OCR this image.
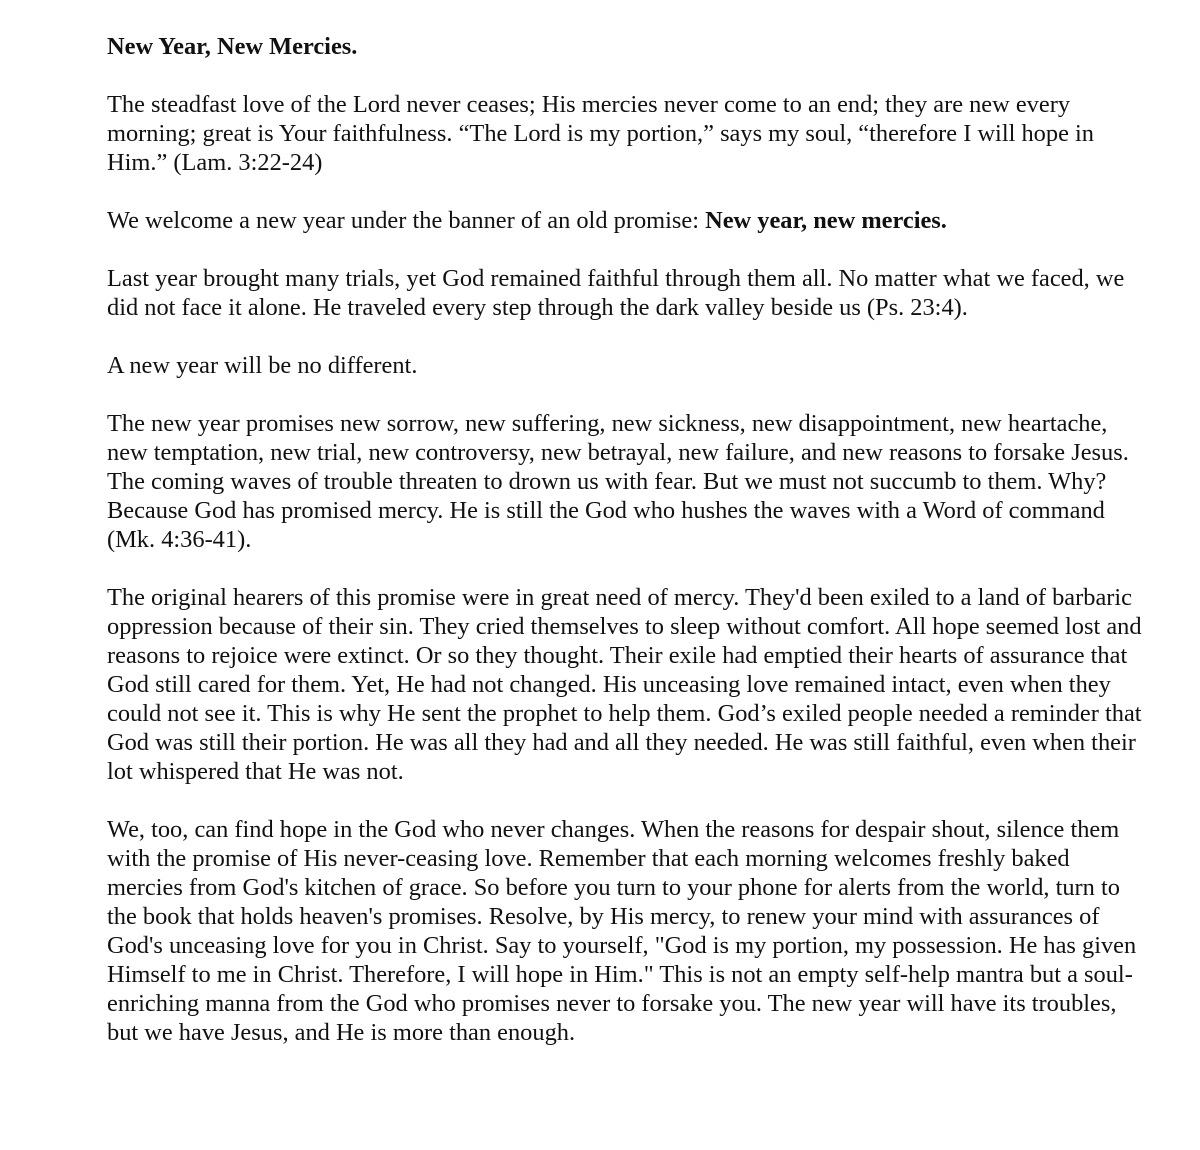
New Year, New Mercies.
The steadfast love of the Lord never ceases; His mercies never come to an end; they are new every morning; great is Your faithfulness. “The Lord is my portion,” says my soul, “therefore I will hope in Him.” (Lam. 3:22-24)
We welcome a new year under the banner of an old promise: New year, new mercies.
Last year brought many trials, yet God remained faithful through them all. No matter what we faced, we did not face it alone. He traveled every step through the dark valley beside us (Ps. 23:4).
A new year will be no different.
The new year promises new sorrow, new suffering, new sickness, new disappointment, new heartache, new temptation, new trial, new controversy, new betrayal, new failure, and new reasons to forsake Jesus. The coming waves of trouble threaten to drown us with fear. But we must not succumb to them. Why? Because God has promised mercy. He is still the God who hushes the waves with a Word of command (Mk. 4:36-41).
The original hearers of this promise were in great need of mercy. They'd been exiled to a land of barbaric oppression because of their sin. They cried themselves to sleep without comfort. All hope seemed lost and reasons to rejoice were extinct. Or so they thought. Their exile had emptied their hearts of assurance that God still cared for them. Yet, He had not changed. His unceasing love remained intact, even when they could not see it. This is why He sent the prophet to help them. God’s exiled people needed a reminder that God was still their portion. He was all they had and all they needed. He was still faithful, even when their lot whispered that He was not.
We, too, can find hope in the God who never changes. When the reasons for despair shout, silence them with the promise of His never-ceasing love. Remember that each morning welcomes freshly baked mercies from God's kitchen of grace. So before you turn to your phone for alerts from the world, turn to the book that holds heaven's promises. Resolve, by His mercy, to renew your mind with assurances of God's unceasing love for you in Christ. Say to yourself, "God is my portion, my possession. He has given Himself to me in Christ. Therefore, I will hope in Him." This is not an empty self-help mantra but a soul-enriching manna from the God who promises never to forsake you. The new year will have its troubles, but we have Jesus, and He is more than enough.
